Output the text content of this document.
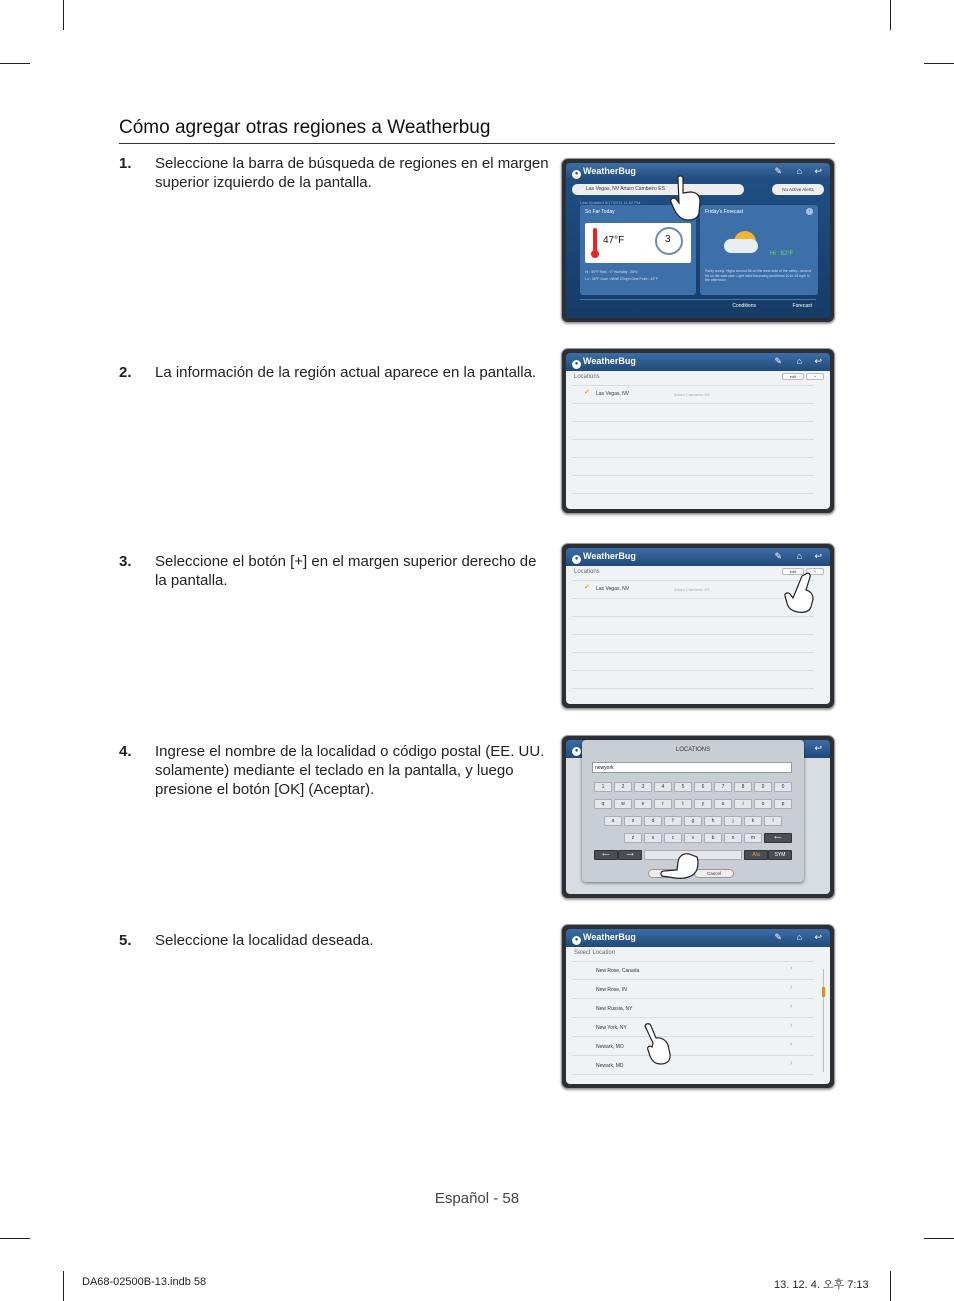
Cómo agregar otras regiones a Weatherbug
1. Seleccione la barra de búsqueda de regiones en el margen superior izquierdo de la pantalla.
2. La información de la región actual aparece en la pantalla.
3. Seleccione el botón [+] en el margen superior derecho de la pantalla.
4. Ingrese el nombre de la localidad o código postal (EE. UU. solamente) mediante el teclado en la pantalla, y luego presione el botón [OK] (Aceptar).
5. Seleccione la localidad deseada.
● WeatherBug	✎ ⌂ ↩
Las Vegas, NV Arturo Cambeiro ES	No Active Alerts
Last Updated 6/17/2011 11:52 PM
So Far Today
47°F	3
Hi : 50°F Rain : 0" Humidity : 55%
Lo : 36°F Gust : NNW 23mph Dew Point : 42°F
Friday's Forecast	›
Hi : 62°F
Partly sunny. Highs around 66 on the west side of the valley...around 65 on the east side. Light wind becoming southeast 10 to 15 mph in the afternoon.
Conditions	Forecast
● WeatherBug	✎ ⌂ ↩
Locations	edit	+
✓ Las Vegas, NV	Arturo Cambeiro ES
● WeatherBug	✎ ⌂ ↩
Locations	edit	+
✓ Las Vegas, NV	Arturo Cambeiro ES
●	↩
LOCATIONS
newyork
1	2	3	4	5	6	7	8	9	0
q	w	e	r	t	y	u	i	o	p
a	s	d	f	g	h	j	k	l
z	x	c	v	b	n	m	⟵
⟵	⟶	A/a	SYM
Cancel
● WeatherBug	✎ ⌂ ↩
Select Location
New Rose, Canada	›
New Rose, IN	›
New Russia, NY	›
New York, NY	›
Newark, MO	›
Newark, MD	›
Español - 58
DA68-02500B-13.indb 58	13. 12. 4. 오후 7:13
